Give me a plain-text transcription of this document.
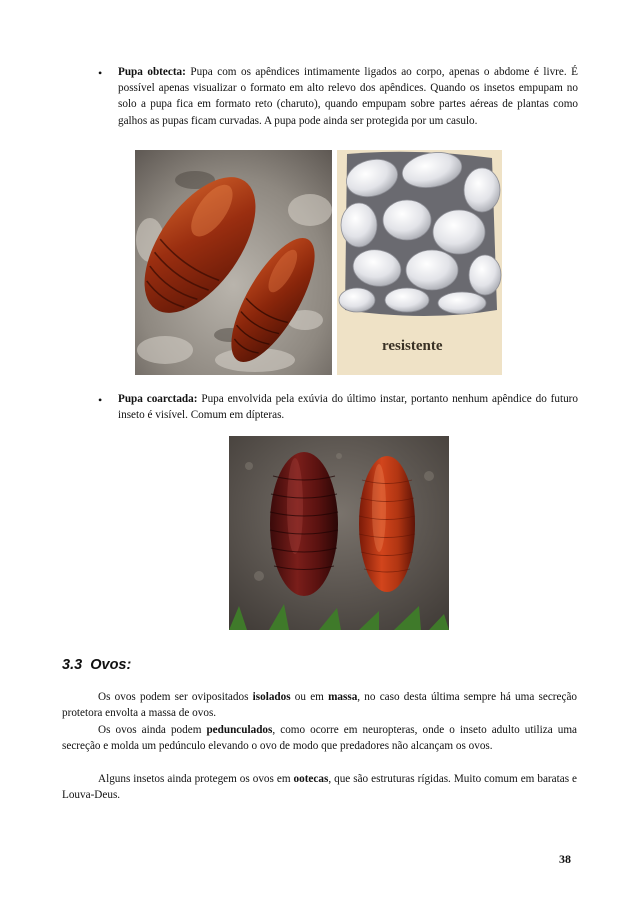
• Pupa obtecta: Pupa com os apêndices intimamente ligados ao corpo, apenas o abdome é livre. É possível apenas visualizar o formato em alto relevo dos apêndices. Quando os insetos empupam no solo a pupa fica em formato reto (charuto), quando empupam sobre partes aéreas de plantas como galhos as pupas ficam curvadas. A pupa pode ainda ser protegida por um casulo.
resistente
• Pupa coarctada: Pupa envolvida pela exúvia do último instar, portanto nenhum apêndice do futuro inseto é visível. Comum em dípteras.
3.3 Ovos:
Os ovos podem ser ovipositados isolados ou em massa, no caso desta última sempre há uma secreção protetora envolta a massa de ovos.
Os ovos ainda podem pedunculados, como ocorre em neuropteras, onde o inseto adulto utiliza uma secreção e molda um pedúnculo elevando o ovo de modo que predadores não alcançam os ovos.
Alguns insetos ainda protegem os ovos em ootecas, que são estruturas rígidas. Muito comum em baratas e Louva-Deus.
38
